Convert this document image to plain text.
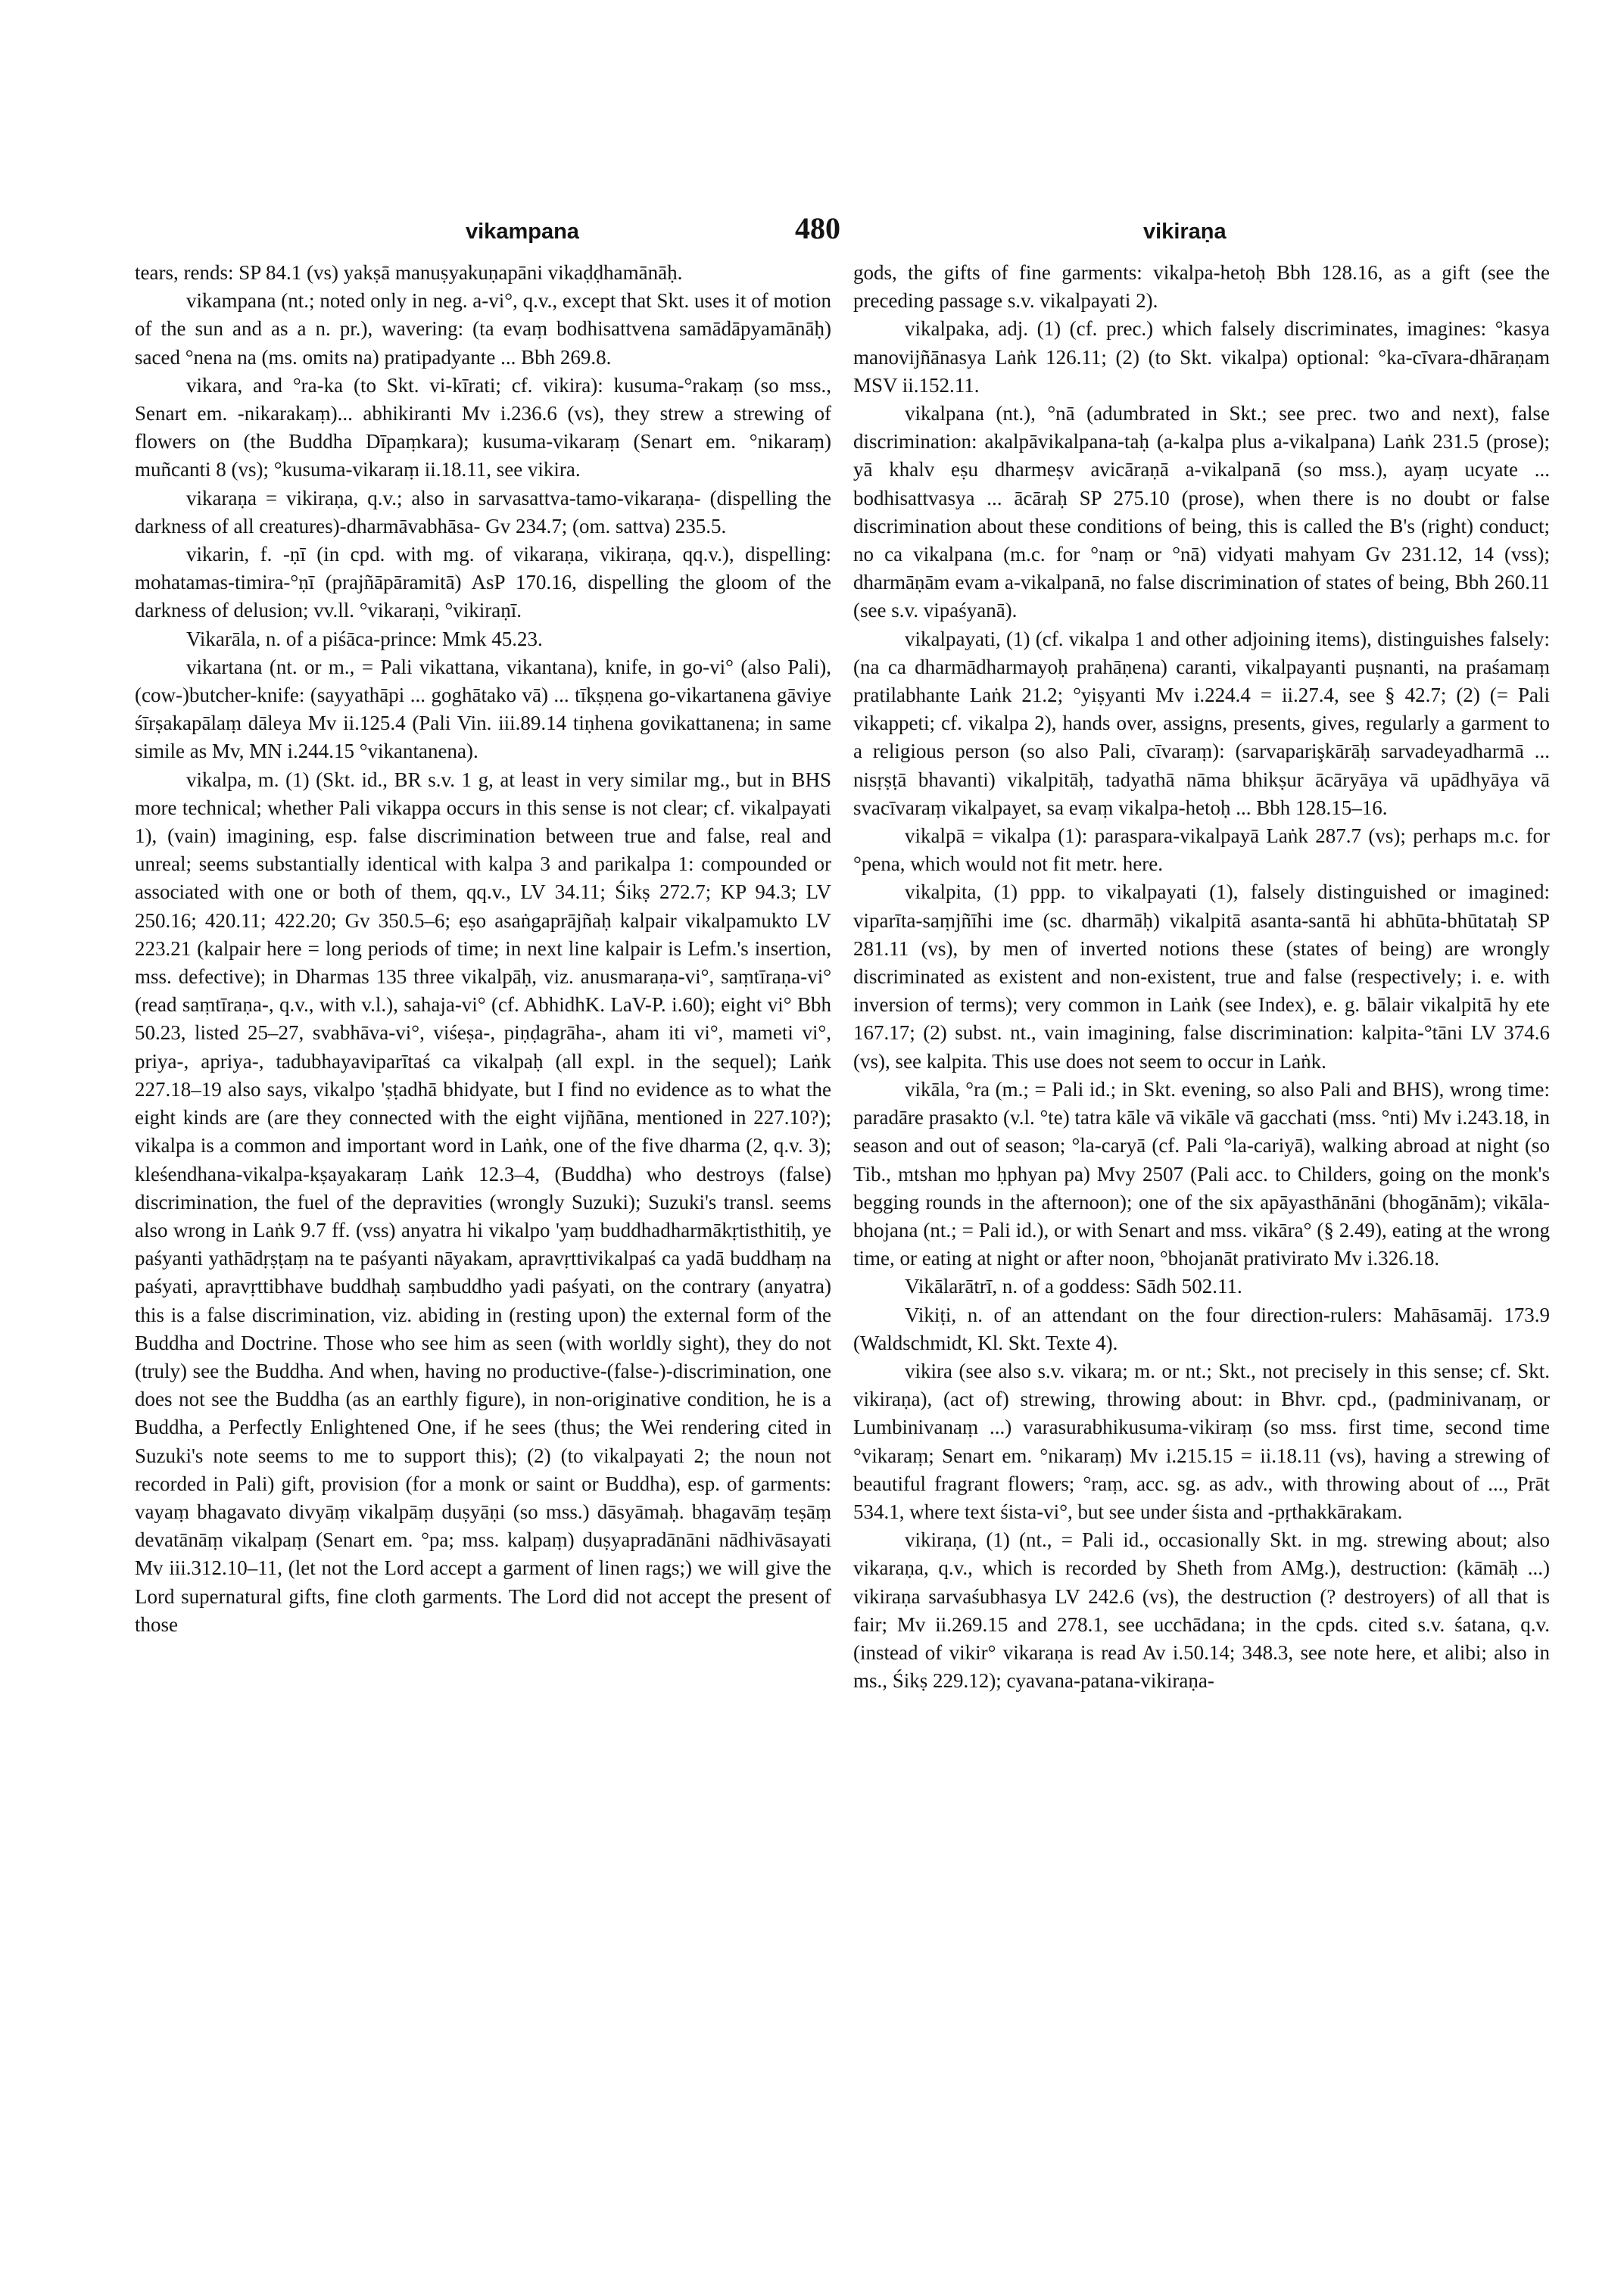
vikampana	480	vikiraṇa

tears, rends: SP 84.1 (vs) yakṣā manuṣyakuṇapāni vikaḍḍhamānāḥ.

vikampana (nt.; noted only in neg. a-vi°, q.v., except that Skt. uses it of motion of the sun and as a n. pr.), wavering: (ta evaṃ bodhisattvena samādāpyamānāḥ) saced °nena na (ms. omits na) pratipadyante ... Bbh 269.8.

vikara, and °ra-ka (to Skt. vi-kīrati; cf. vikira): kusuma-°rakaṃ (so mss., Senart em. -nikarakaṃ)... abhikiranti Mv i.236.6 (vs), they strew a strewing of flowers on (the Buddha Dīpaṃkara); kusuma-vikaraṃ (Senart em. °nikaraṃ) muñcanti 8 (vs); °kusuma-vikaraṃ ii.18.11, see vikira.

vikaraṇa = vikiraṇa, q.v.; also in sarvasattva-tamo-vikaraṇa- (dispelling the darkness of all creatures)-dharmāvabhāsa- Gv 234.7; (om. sattva) 235.5.

vikarin, f. -ṇī (in cpd. with mg. of vikaraṇa, vikiraṇa, qq.v.), dispelling: mohatamas-timira-°ṇī (prajñāpāramitā) AsP 170.16, dispelling the gloom of the darkness of delusion; vv.ll. °vikaraṇi, °vikiraṇī.

Vikarāla, n. of a piśāca-prince: Mmk 45.23.

vikartana (nt. or m., = Pali vikattana, vikantana), knife, in go-vi° (also Pali), (cow-)butcher-knife: (sayyathāpi ... goghātako vā) ... tīkṣṇena go-vikartanena gāviye śīrṣakapālaṃ dāleya Mv ii.125.4 (Pali Vin. iii.89.14 tiṇhena govikattanena; in same simile as Mv, MN i.244.15 °vikantanena).

vikalpa, m. (1) (Skt. id., BR s.v. 1 g, at least in very similar mg., but in BHS more technical; whether Pali vikappa occurs in this sense is not clear; cf. vikalpayati 1), (vain) imagining, esp. false discrimination between true and false, real and unreal; seems substantially identical with kalpa 3 and parikalpa 1: compounded or associated with one or both of them, qq.v., LV 34.11; Śikṣ 272.7; KP 94.3; LV 250.16; 420.11; 422.20; Gv 350.5–6; eṣo asaṅgaprājñaḥ kalpair vikalpamukto LV 223.21 (kalpair here = long periods of time; in next line kalpair is Lefm.'s insertion, mss. defective); in Dharmas 135 three vikalpāḥ, viz. anusmaraṇa-vi°, saṃtīraṇa-vi° (read saṃtīraṇa-, q.v., with v.l.), sahaja-vi° (cf. AbhidhK. LaV-P. i.60); eight vi° Bbh 50.23, listed 25–27, svabhāva-vi°, viśeṣa-, piṇḍagrāha-, aham iti vi°, mameti vi°, priya-, apriya-, tadubhayaviparītaś ca vikalpaḥ (all expl. in the sequel); Laṅk 227.18–19 also says, vikalpo 'ṣṭadhā bhidyate, but I find no evidence as to what the eight kinds are (are they connected with the eight vijñāna, mentioned in 227.10?); vikalpa is a common and important word in Laṅk, one of the five dharma (2, q.v. 3); kleśendhana-vikalpa-kṣayakaraṃ Laṅk 12.3–4, (Buddha) who destroys (false) discrimination, the fuel of the depravities (wrongly Suzuki); Suzuki's transl. seems also wrong in Laṅk 9.7 ff. (vss) anyatra hi vikalpo 'yaṃ buddhadharmākṛtisthitiḥ, ye paśyanti yathādṛṣṭaṃ na te paśyanti nāyakam, apravṛttivikalpaś ca yadā buddhaṃ na paśyati, apravṛttibhave buddhaḥ saṃbuddho yadi paśyati, on the contrary (anyatra) this is a false discrimination, viz. abiding in (resting upon) the external form of the Buddha and Doctrine. Those who see him as seen (with worldly sight), they do not (truly) see the Buddha. And when, having no productive-(false-)-discrimination, one does not see the Buddha (as an earthly figure), in non-originative condition, he is a Buddha, a Perfectly Enlightened One, if he sees (thus; the Wei rendering cited in Suzuki's note seems to me to support this); (2) (to vikalpayati 2; the noun not recorded in Pali) gift, provision (for a monk or saint or Buddha), esp. of garments: vayaṃ bhagavato divyāṃ vikalpāṃ duṣyāṇi (so mss.) dāsyāmaḥ. bhagavāṃ teṣāṃ devatānāṃ vikalpaṃ (Senart em. °pa; mss. kalpaṃ) duṣyapradānāni nādhivāsayati Mv iii.312.10–11, (let not the Lord accept a garment of linen rags;) we will give the Lord supernatural gifts, fine cloth garments. The Lord did not accept the present of those

gods, the gifts of fine garments: vikalpa-hetoḥ Bbh 128.16, as a gift (see the preceding passage s.v. vikalpayati 2).

vikalpaka, adj. (1) (cf. prec.) which falsely discriminates, imagines: °kasya manovijñānasya Laṅk 126.11; (2) (to Skt. vikalpa) optional: °ka-cīvara-dhāraṇam MSV ii.152.11.

vikalpana (nt.), °nā (adumbrated in Skt.; see prec. two and next), false discrimination: akalpāvikalpana-taḥ (a-kalpa plus a-vikalpana) Laṅk 231.5 (prose); yā khalv eṣu dharmeṣv avicāraṇā a-vikalpanā (so mss.), ayaṃ ucyate ... bodhisattvasya ... ācāraḥ SP 275.10 (prose), when there is no doubt or false discrimination about these conditions of being, this is called the B's (right) conduct; no ca vikalpana (m.c. for °naṃ or °nā) vidyati mahyam Gv 231.12, 14 (vss); dharmāṇām evam a-vikalpanā, no false discrimination of states of being, Bbh 260.11 (see s.v. vipaśyanā).

vikalpayati, (1) (cf. vikalpa 1 and other adjoining items), distinguishes falsely: (na ca dharmādharmayoḥ prahāṇena) caranti, vikalpayanti puṣnanti, na praśamaṃ pratilabhante Laṅk 21.2; °yiṣyanti Mv i.224.4 = ii.27.4, see § 42.7; (2) (= Pali vikappeti; cf. vikalpa 2), hands over, assigns, presents, gives, regularly a garment to a religious person (so also Pali, cīvaraṃ): (sarvaparişkārāḥ sarvadeyadharmā ... nisṛṣṭā bhavanti) vikalpitāḥ, tadyathā nāma bhikṣur ācāryāya vā upādhyāya vā svacīvaraṃ vikalpayet, sa evaṃ vikalpa-hetoḥ ... Bbh 128.15–16.

vikalpā = vikalpa (1): paraspara-vikalpayā Laṅk 287.7 (vs); perhaps m.c. for °pena, which would not fit metr. here.

vikalpita, (1) ppp. to vikalpayati (1), falsely distinguished or imagined: viparīta-saṃjñīhi ime (sc. dharmāḥ) vikalpitā asanta-santā hi abhūta-bhūtataḥ SP 281.11 (vs), by men of inverted notions these (states of being) are wrongly discriminated as existent and non-existent, true and false (respectively; i. e. with inversion of terms); very common in Laṅk (see Index), e. g. bālair vikalpitā hy ete 167.17; (2) subst. nt., vain imagining, false discrimination: kalpita-°tāni LV 374.6 (vs), see kalpita. This use does not seem to occur in Laṅk.

vikāla, °ra (m.; = Pali id.; in Skt. evening, so also Pali and BHS), wrong time: paradāre prasakto (v.l. °te) tatra kāle vā vikāle vā gacchati (mss. °nti) Mv i.243.18, in season and out of season; °la-caryā (cf. Pali °la-cariyā), walking abroad at night (so Tib., mtshan mo ḥphyan pa) Mvy 2507 (Pali acc. to Childers, going on the monk's begging rounds in the afternoon); one of the six apāyasthānāni (bhogānām); vikāla-bhojana (nt.; = Pali id.), or with Senart and mss. vikāra° (§ 2.49), eating at the wrong time, or eating at night or after noon, °bhojanāt prativirato Mv i.326.18.

Vikālarātrī, n. of a goddess: Sādh 502.11.

Vikiṭi, n. of an attendant on the four direction-rulers: Mahāsamāj. 173.9 (Waldschmidt, Kl. Skt. Texte 4).

vikira (see also s.v. vikara; m. or nt.; Skt., not precisely in this sense; cf. Skt. vikiraṇa), (act of) strewing, throwing about: in Bhvr. cpd., (padminivanaṃ, or Lumbinivanaṃ ...) varasurabhikusuma-vikiraṃ (so mss. first time, second time °vikaraṃ; Senart em. °nikaraṃ) Mv i.215.15 = ii.18.11 (vs), having a strewing of beautiful fragrant flowers; °raṃ, acc. sg. as adv., with throwing about of ..., Prāt 534.1, where text śista-vi°, but see under śista and -pṛthakkārakam.

vikiraṇa, (1) (nt., = Pali id., occasionally Skt. in mg. strewing about; also vikaraṇa, q.v., which is recorded by Sheth from AMg.), destruction: (kāmāḥ ...) vikiraṇa sarvaśubhasya LV 242.6 (vs), the destruction (? destroyers) of all that is fair; Mv ii.269.15 and 278.1, see ucchādana; in the cpds. cited s.v. śatana, q.v. (instead of vikir° vikaraṇa is read Av i.50.14; 348.3, see note here, et alibi; also in ms., Śikṣ 229.12); cyavana-patana-vikiraṇa-
